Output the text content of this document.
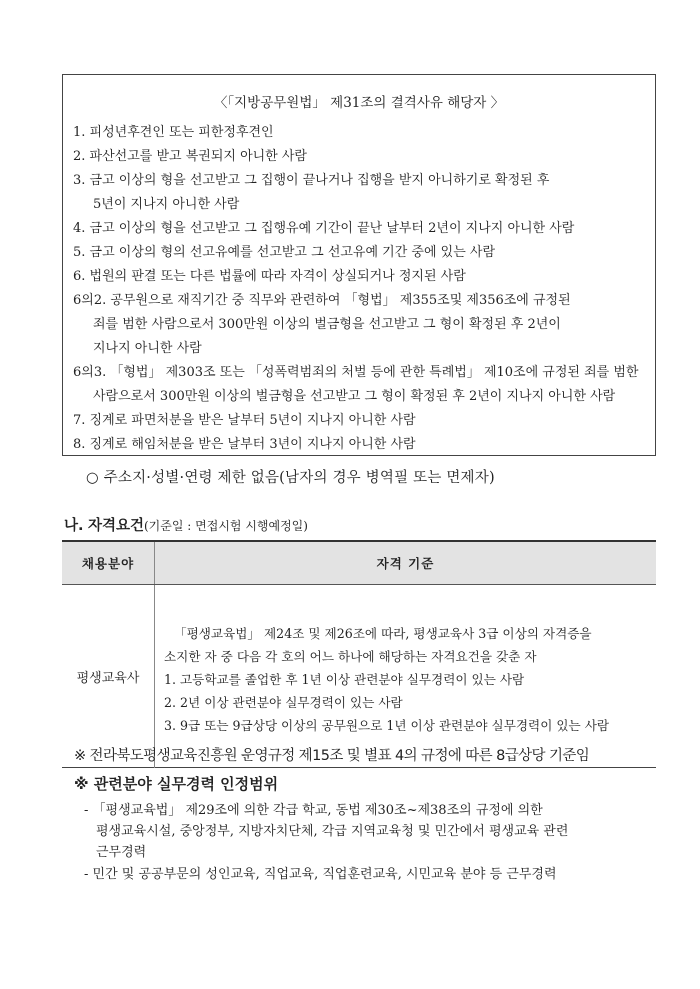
〈「지방공무원법」 제31조의 결격사유 해당자 〉
1. 피성년후견인 또는 피한정후견인
2. 파산선고를 받고 복권되지 아니한 사람
3. 금고 이상의 형을 선고받고 그 집행이 끝나거나 집행을 받지 아니하기로 확정된 후
5년이 지나지 아니한 사람
4. 금고 이상의 형을 선고받고 그 집행유예 기간이 끝난 날부터 2년이 지나지 아니한 사람
5. 금고 이상의 형의 선고유예를 선고받고 그 선고유예 기간 중에 있는 사람
6. 법원의 판결 또는 다른 법률에 따라 자격이 상실되거나 정지된 사람
6의2. 공무원으로 재직기간 중 직무와 관련하여 「형법」 제355조및 제356조에 규정된
죄를 범한 사람으로서 300만원 이상의 벌금형을 선고받고 그 형이 확정된 후 2년이
지나지 아니한 사람
6의3. 「형법」 제303조 또는 「성폭력범죄의 처벌 등에 관한 특례법」 제10조에 규정된 죄를 범한
사람으로서 300만원 이상의 벌금형을 선고받고 그 형이 확정된 후 2년이 지나지 아니한 사람
7. 징계로 파면처분을 받은 날부터 5년이 지나지 아니한 사람
8. 징계로 해임처분을 받은 날부터 3년이 지나지 아니한 사람
○ 주소지·성별·연령 제한 없음(남자의 경우 병역필 또는 면제자)
나. 자격요건(기준일 : 면접시험 시행예정일)
채용분야	자격 기준
평생교육사	「평생교육법」 제24조 및 제26조에 따라, 평생교육사 3급 이상의 자격증을
소지한 자 중 다음 각 호의 어느 하나에 해당하는 자격요건을 갖춘 자
1. 고등학교를 졸업한 후 1년 이상 관련분야 실무경력이 있는 사람
2. 2년 이상 관련분야 실무경력이 있는 사람
3. 9급 또는 9급상당 이상의 공무원으로 1년 이상 관련분야 실무경력이 있는 사람
※ 전라북도평생교육진흥원 운영규정 제15조 및 별표 4의 규정에 따른 8급상당 기준임
※ 관련분야 실무경력 인정범위
- 「평생교육법」 제29조에 의한 각급 학교, 동법 제30조~제38조의 규정에 의한
평생교육시설, 중앙정부, 지방자치단체, 각급 지역교육청 및 민간에서 평생교육 관련
근무경력
- 민간 및 공공부문의 성인교육, 직업교육, 직업훈련교육, 시민교육 분야 등 근무경력
